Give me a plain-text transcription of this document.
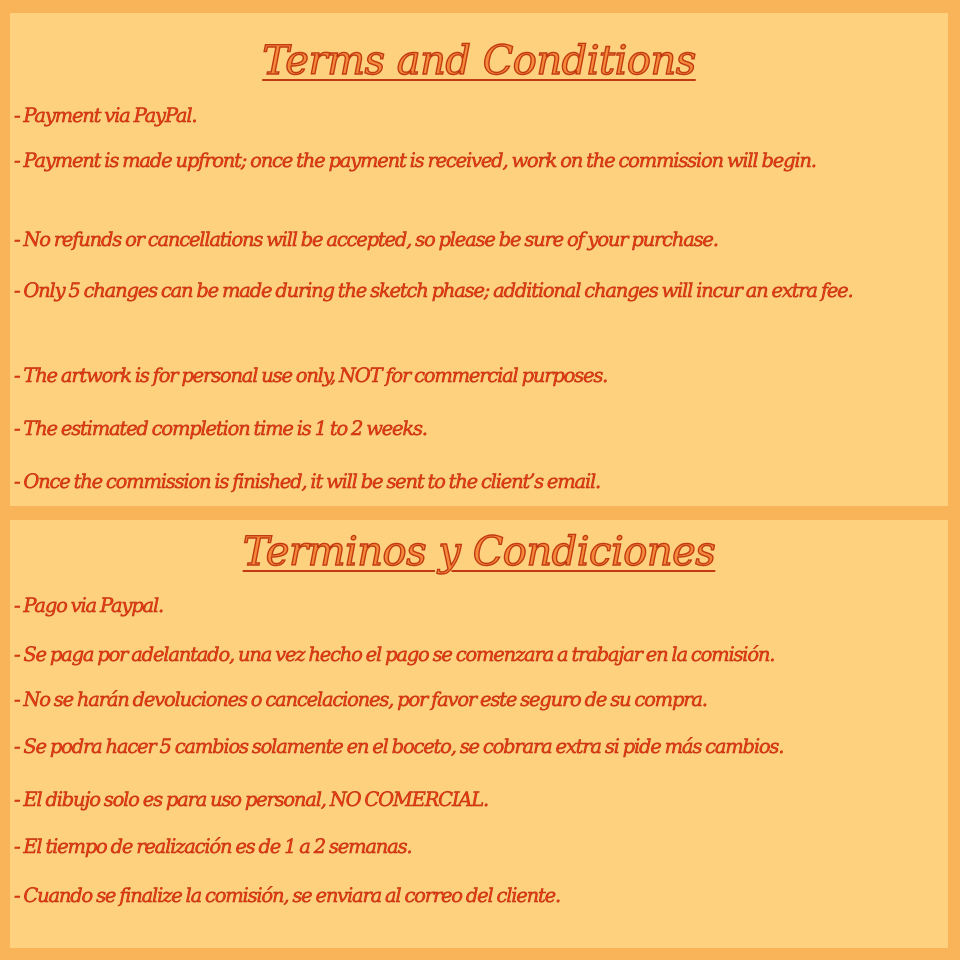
Terms and Conditions

- Payment via PayPal.

- Payment is made upfront; once the payment is received, work on the commission will begin.

- No refunds or cancellations will be accepted, so please be sure of your purchase.

- Only 5 changes can be made during the sketch phase; additional changes will incur an extra fee.

- The artwork is for personal use only, NOT for commercial purposes.

- The estimated completion time is 1 to 2 weeks.

- Once the commission is finished, it will be sent to the client’s email.

Terminos y Condiciones

- Pago via Paypal.

- Se paga por adelantado, una vez hecho el pago se comenzara a trabajar en la comisión.

- No se harán devoluciones o cancelaciones, por favor este seguro de su compra.

- Se podra hacer 5 cambios solamente en el boceto, se cobrara extra si pide más cambios.

- El dibujo solo es para uso personal, NO COMERCIAL.

- El tiempo de realización es de 1 a 2 semanas.

- Cuando se finalize la comisión, se enviara al correo del cliente.
